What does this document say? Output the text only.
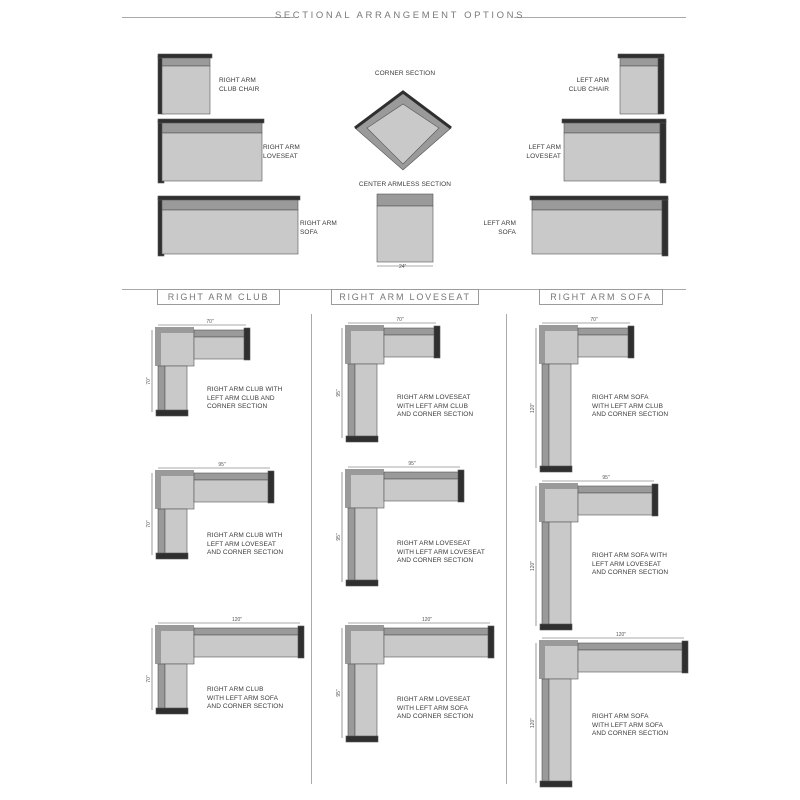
SECTIONAL ARRANGEMENT OPTIONS
RIGHT ARM
CLUB CHAIR
RIGHT ARM
LOVESEAT
RIGHT ARM
SOFA
CORNER SECTION
CENTER ARMLESS SECTION
24"
LEFT ARM
CLUB CHAIR
LEFT ARM
LOVESEAT
LEFT ARM
SOFA
RIGHT ARM CLUB	RIGHT ARM LOVESEAT	RIGHT ARM SOFA
70"
70"
95"
70"
120"
70"
70"
95"
95"
95"
120"
95"
70"
120"
95"
120"
120"
120"
RIGHT ARM CLUB WITH
LEFT ARM CLUB AND
CORNER SECTION
RIGHT ARM CLUB WITH
LEFT ARM LOVESEAT
AND CORNER SECTION
RIGHT ARM CLUB
WITH LEFT ARM SOFA
AND CORNER SECTION
RIGHT ARM LOVESEAT
WITH LEFT ARM CLUB
AND CORNER SECTION
RIGHT ARM LOVESEAT
WITH LEFT ARM LOVESEAT
AND CORNER SECTION
RIGHT ARM LOVESEAT
WITH LEFT ARM SOFA
AND CORNER SECTION
RIGHT ARM SOFA
WITH LEFT ARM CLUB
AND CORNER SECTION
RIGHT ARM SOFA WITH
LEFT ARM LOVESEAT
AND CORNER SECTION
RIGHT ARM SOFA
WITH LEFT ARM SOFA
AND CORNER SECTION
